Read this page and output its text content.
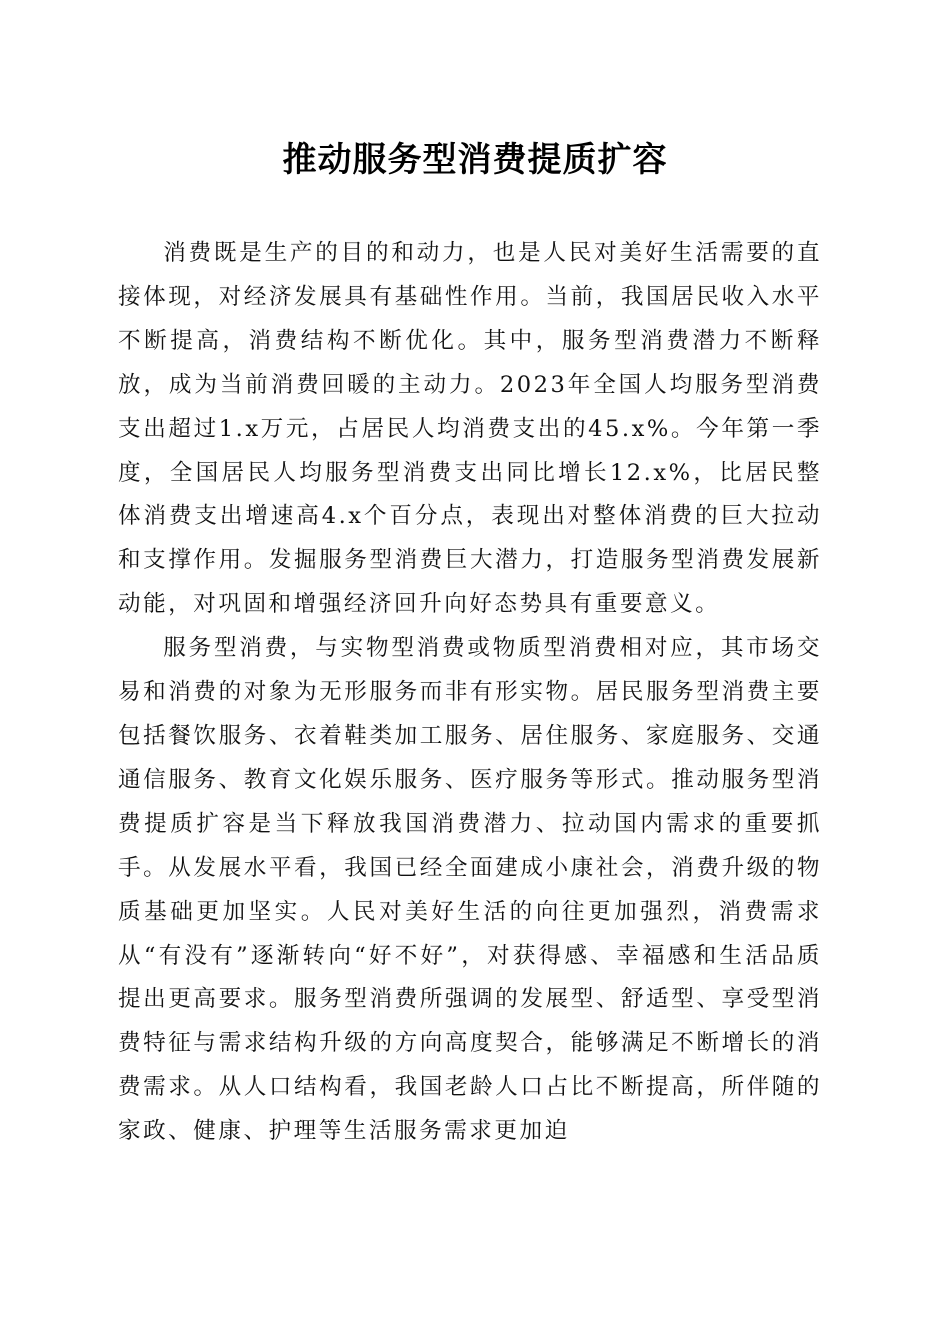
推动服务型消费提质扩容

消费既是生产的目的和动力，也是人民对美好生活需要的直接体现，对经济发展具有基础性作用。当前，我国居民收入水平不断提高，消费结构不断优化。其中，服务型消费潜力不断释放，成为当前消费回暖的主动力。2023年全国人均服务型消费支出超过1.x万元，占居民人均消费支出的45.x%。今年第一季度，全国居民人均服务型消费支出同比增长12.x%，比居民整体消费支出增速高4.x个百分点，表现出对整体消费的巨大拉动和支撑作用。发掘服务型消费巨大潜力，打造服务型消费发展新动能，对巩固和增强经济回升向好态势具有重要意义。

服务型消费，与实物型消费或物质型消费相对应，其市场交易和消费的对象为无形服务而非有形实物。居民服务型消费主要包括餐饮服务、衣着鞋类加工服务、居住服务、家庭服务、交通通信服务、教育文化娱乐服务、医疗服务等形式。推动服务型消费提质扩容是当下释放我国消费潜力、拉动国内需求的重要抓手。从发展水平看，我国已经全面建成小康社会，消费升级的物质基础更加坚实。人民对美好生活的向往更加强烈，消费需求从“有没有”逐渐转向“好不好”，对获得感、幸福感和生活品质提出更高要求。服务型消费所强调的发展型、舒适型、享受型消费特征与需求结构升级的方向高度契合，能够满足不断增长的消费需求。从人口结构看，我国老龄人口占比不断提高，所伴随的家政、健康、护理等生活服务需求更加迫
